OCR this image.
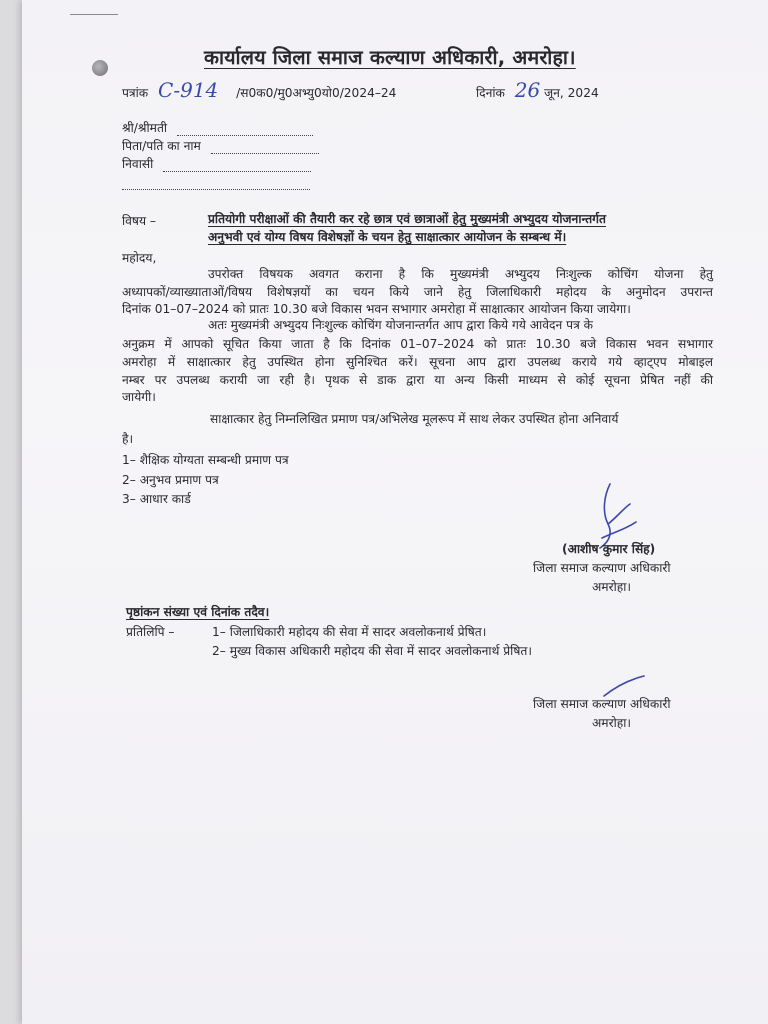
कार्यालय जिला समाज कल्याण अधिकारी, अमरोहा।
पत्रांक C-914 /स0क0/मु0अभ्यु0यो0/2024–24	दिनांक 26 जून, 2024
श्री/श्रीमती
पिता/पति का नाम
निवासी
विषय –	प्रतियोगी परीक्षाओं की तैयारी कर रहे छात्र एवं छात्राओं हेतु मुख्यमंत्री अभ्युदय योजनान्तर्गत
अनुभवी एवं योग्य विषय विशेषज्ञों के चयन हेतु साक्षात्कार आयोजन के सम्बन्ध में।
महोदय,
उपरोक्त विषयक अवगत कराना है कि मुख्यमंत्री अभ्युदय निःशुल्क कोचिंग योजना हेतु
अध्यापकों/व्याख्याताओं/विषय विशेषज्ञयों का चयन किये जाने हेतु जिलाधिकारी महोदय के अनुमोदन उपरान्त
दिनांक 01–07–2024 को प्रातः 10.30 बजे विकास भवन सभागार अमरोहा में साक्षात्कार आयोजन किया जायेगा।
अतः मुख्यमंत्री अभ्युदय निःशुल्क कोचिंग योजनान्तर्गत आप द्वारा किये गये आवेदन पत्र के
अनुक्रम में आपको सूचित किया जाता है कि दिनांक 01–07–2024 को प्रातः 10.30 बजे विकास भवन सभागार
अमरोहा में साक्षात्कार हेतु उपस्थित होना सुनिश्चित करें। सूचना आप द्वारा उपलब्ध कराये गये व्हाट्एप मोबाइल
नम्बर पर उपलब्ध करायी जा रही है। पृथक से डाक द्वारा या अन्य किसी माध्यम से कोई सूचना प्रेषित नहीं की
जायेगी।
साक्षात्कार हेतु निम्नलिखित प्रमाण पत्र/अभिलेख मूलरूप में साथ लेकर उपस्थित होना अनिवार्य
है।
1– शैक्षिक योग्यता सम्बन्धी प्रमाण पत्र
2– अनुभव प्रमाण पत्र
3– आधार कार्ड
(आशीष कुमार सिंह)
जिला समाज कल्याण अधिकारी
अमरोहा।
पृष्ठांकन संख्या एवं दिनांक तदैव।
प्रतिलिपि –	1– जिलाधिकारी महोदय की सेवा में सादर अवलोकनार्थ प्रेषित।
2– मुख्य विकास अधिकारी महोदय की सेवा में सादर अवलोकनार्थ प्रेषित।
जिला समाज कल्याण अधिकारी
अमरोहा।
